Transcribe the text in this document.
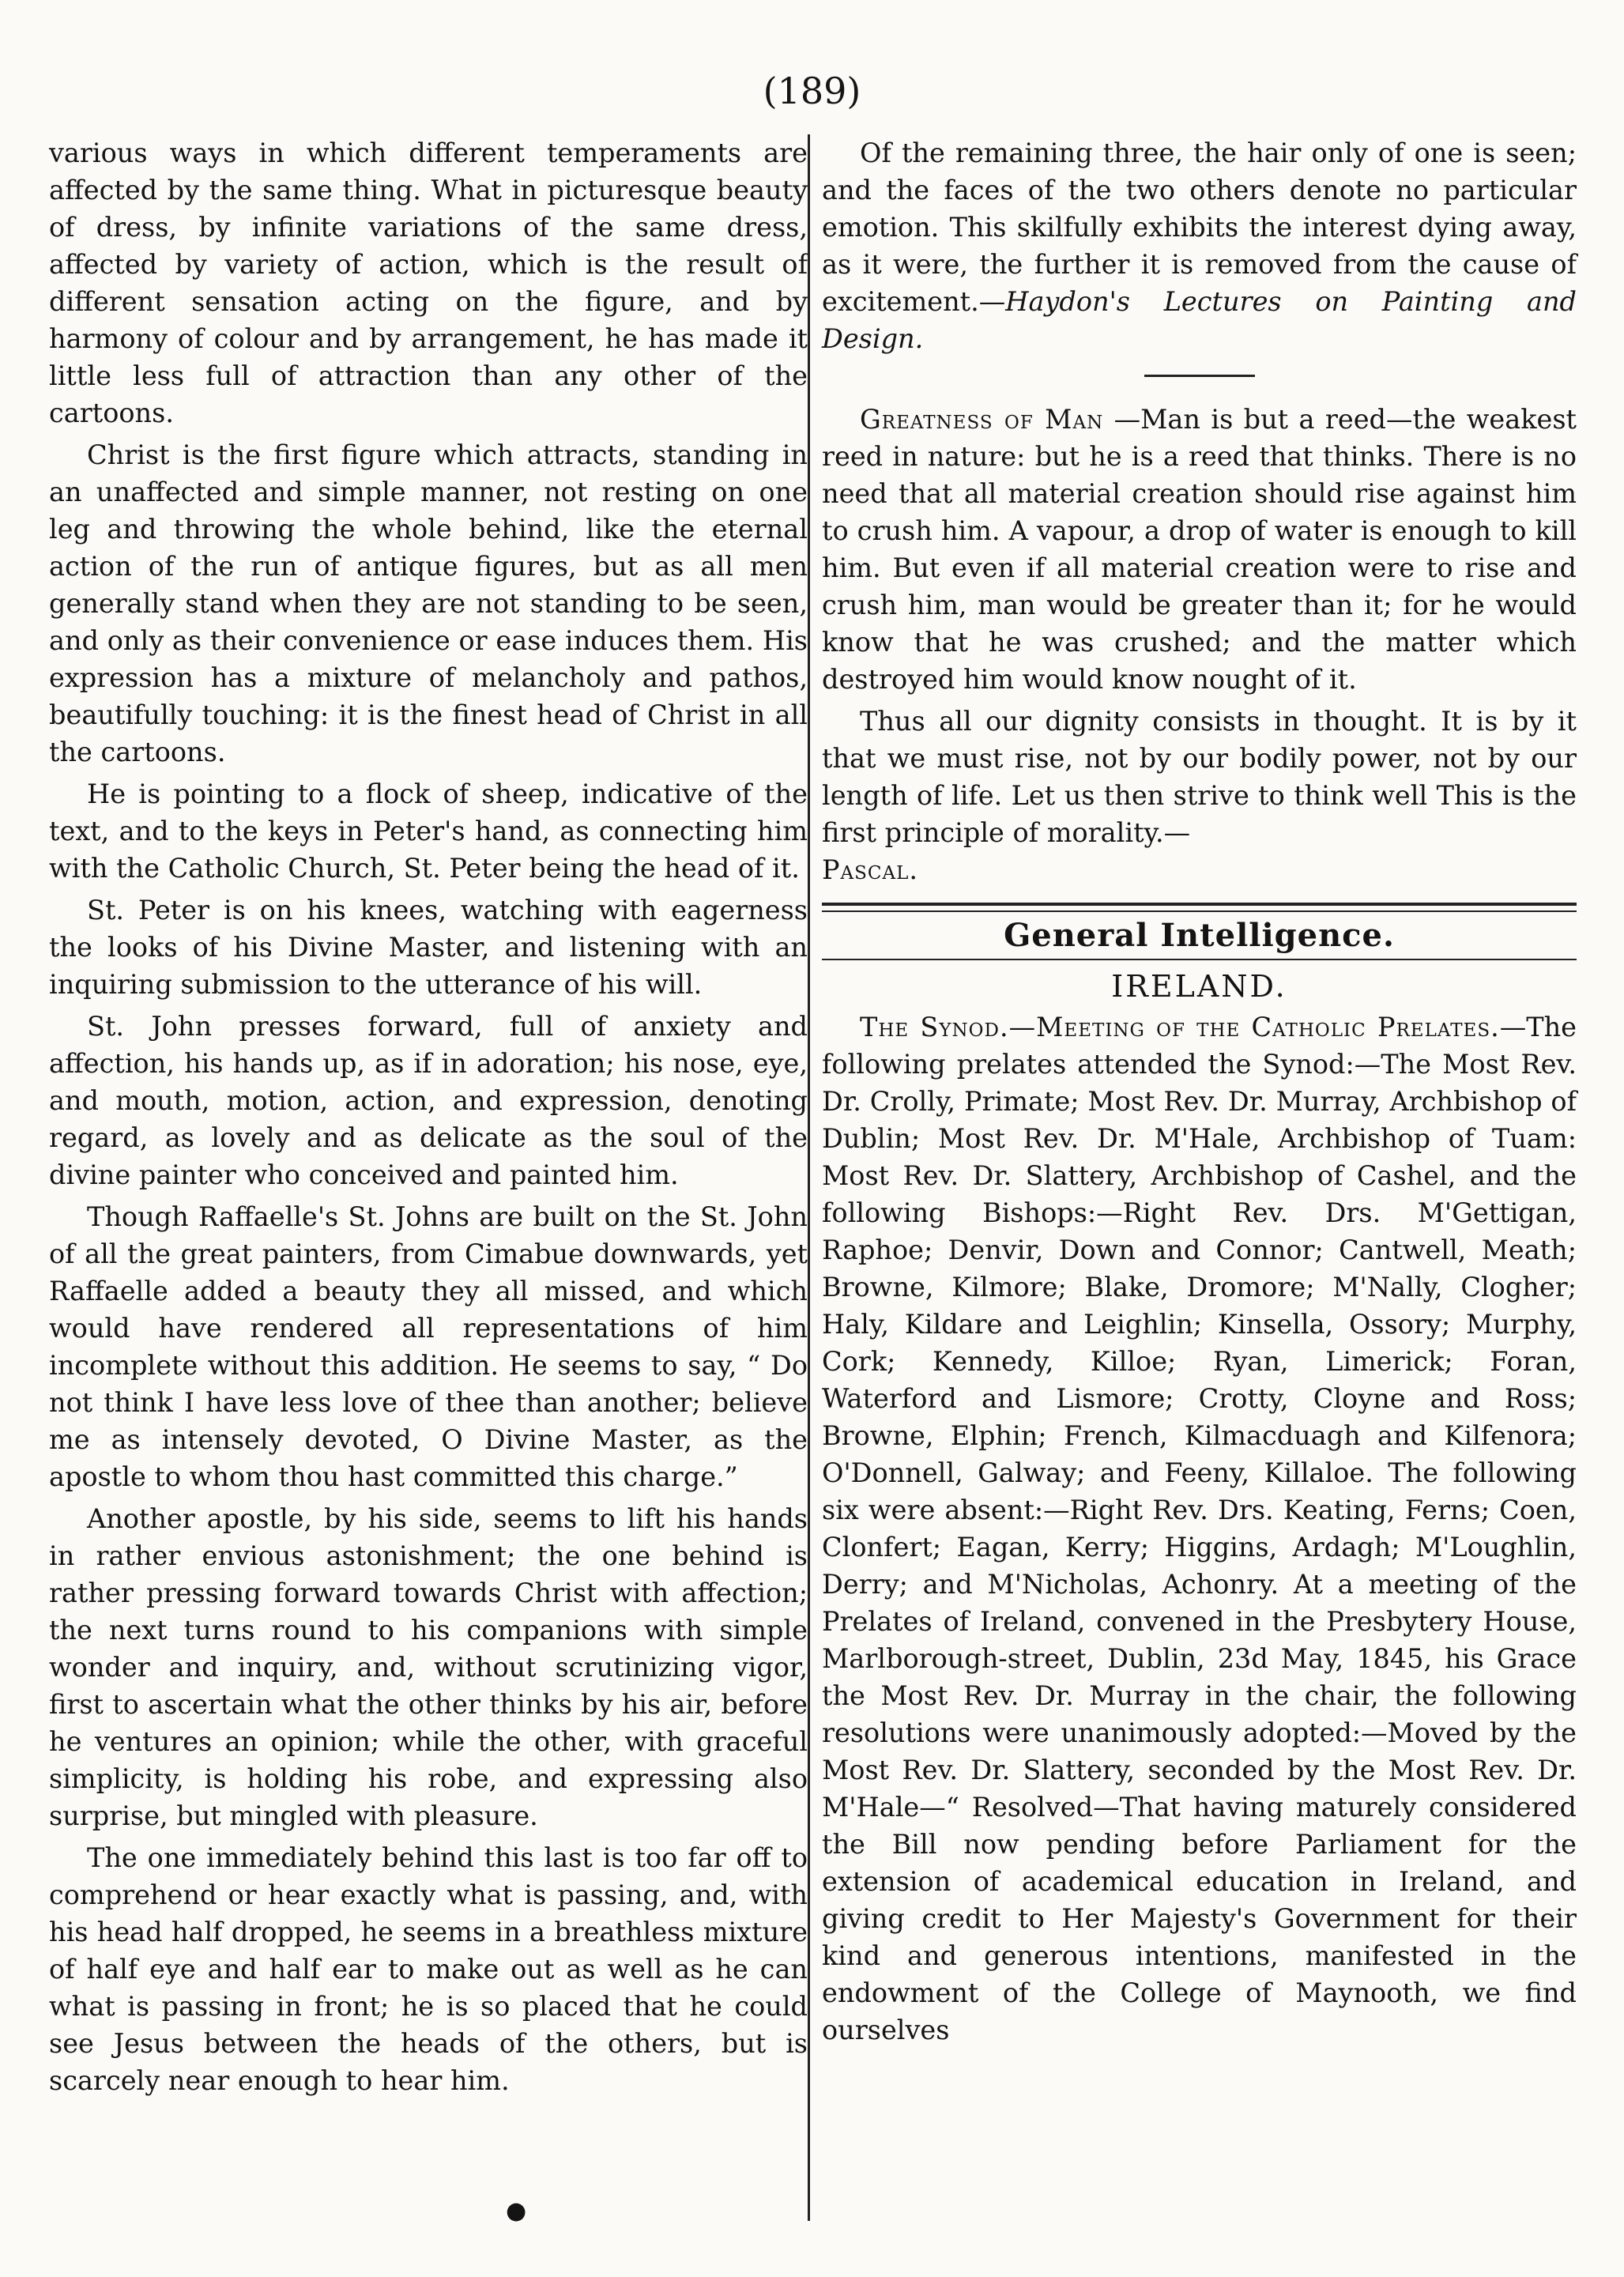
(189)

various ways in which different temperaments are affected by the same thing. What in picturesque beauty of dress, by infinite variations of the same dress, affected by variety of action, which is the result of different sensation acting on the figure, and by harmony of colour and by arrangement, he has made it little less full of attraction than any other of the cartoons.

Christ is the first figure which attracts, standing in an unaffected and simple manner, not resting on one leg and throwing the whole behind, like the eternal action of the run of antique figures, but as all men generally stand when they are not standing to be seen, and only as their convenience or ease induces them. His expression has a mixture of melancholy and pathos, beautifully touching: it is the finest head of Christ in all the cartoons.

He is pointing to a flock of sheep, indicative of the text, and to the keys in Peter's hand, as connecting him with the Catholic Church, St. Peter being the head of it.

St. Peter is on his knees, watching with eagerness the looks of his Divine Master, and listening with an inquiring submission to the utterance of his will.

St. John presses forward, full of anxiety and affection, his hands up, as if in adoration; his nose, eye, and mouth, motion, action, and expression, denoting regard, as lovely and as delicate as the soul of the divine painter who conceived and painted him.

Though Raffaelle's St. Johns are built on the St. John of all the great painters, from Cimabue downwards, yet Raffaelle added a beauty they all missed, and which would have rendered all representations of him incomplete without this addition. He seems to say, “ Do not think I have less love of thee than another; believe me as intensely devoted, O Divine Master, as the apostle to whom thou hast committed this charge.”

Another apostle, by his side, seems to lift his hands in rather envious astonishment; the one behind is rather pressing forward towards Christ with affection; the next turns round to his companions with simple wonder and inquiry, and, without scrutinizing vigor, first to ascertain what the other thinks by his air, before he ventures an opinion; while the other, with graceful simplicity, is holding his robe, and expressing also surprise, but mingled with pleasure.

The one immediately behind this last is too far off to comprehend or hear exactly what is passing, and, with his head half dropped, he seems in a breathless mixture of half eye and half ear to make out as well as he can what is passing in front; he is so placed that he could see Jesus between the heads of the others, but is scarcely near enough to hear him.

Of the remaining three, the hair only of one is seen; and the faces of the two others denote no particular emotion. This skilfully exhibits the interest dying away, as it were, the further it is removed from the cause of excitement.—Haydon's Lectures on Painting and Design.

Greatness of Man —Man is but a reed—the weakest reed in nature: but he is a reed that thinks. There is no need that all material creation should rise against him to crush him. A vapour, a drop of water is enough to kill him. But even if all material creation were to rise and crush him, man would be greater than it; for he would know that he was crushed; and the matter which destroyed him would know nought of it.

Thus all our dignity consists in thought. It is by it that we must rise, not by our bodily power, not by our length of life. Let us then strive to think well This is the first principle of morality.—
Pascal.

General Intelligence.
IRELAND.

The Synod.—Meeting of the Catholic Prelates.—The following prelates attended the Synod:—The Most Rev. Dr. Crolly, Primate; Most Rev. Dr. Murray, Archbishop of Dublin; Most Rev. Dr. M'Hale, Archbishop of Tuam: Most Rev. Dr. Slattery, Archbishop of Cashel, and the following Bishops:—Right Rev. Drs. M'Gettigan, Raphoe; Denvir, Down and Connor; Cantwell, Meath; Browne, Kilmore; Blake, Dromore; M'Nally, Clogher; Haly, Kildare and Leighlin; Kinsella, Ossory; Murphy, Cork; Kennedy, Killoe; Ryan, Limerick; Foran, Waterford and Lismore; Crotty, Cloyne and Ross; Browne, Elphin; French, Kilmacduagh and Kilfenora; O'Donnell, Galway; and Feeny, Killaloe. The following six were absent:—Right Rev. Drs. Keating, Ferns; Coen, Clonfert; Eagan, Kerry; Higgins, Ardagh; M'Loughlin, Derry; and M'Nicholas, Achonry. At a meeting of the Prelates of Ireland, convened in the Presbytery House, Marlborough-street, Dublin, 23d May, 1845, his Grace the Most Rev. Dr. Murray in the chair, the following resolutions were unanimously adopted:—Moved by the Most Rev. Dr. Slattery, seconded by the Most Rev. Dr. M'Hale—“ Resolved—That having maturely considered the Bill now pending before Parliament for the extension of academical education in Ireland, and giving credit to Her Majesty's Government for their kind and generous intentions, manifested in the endowment of the College of Maynooth, we find ourselves

●
